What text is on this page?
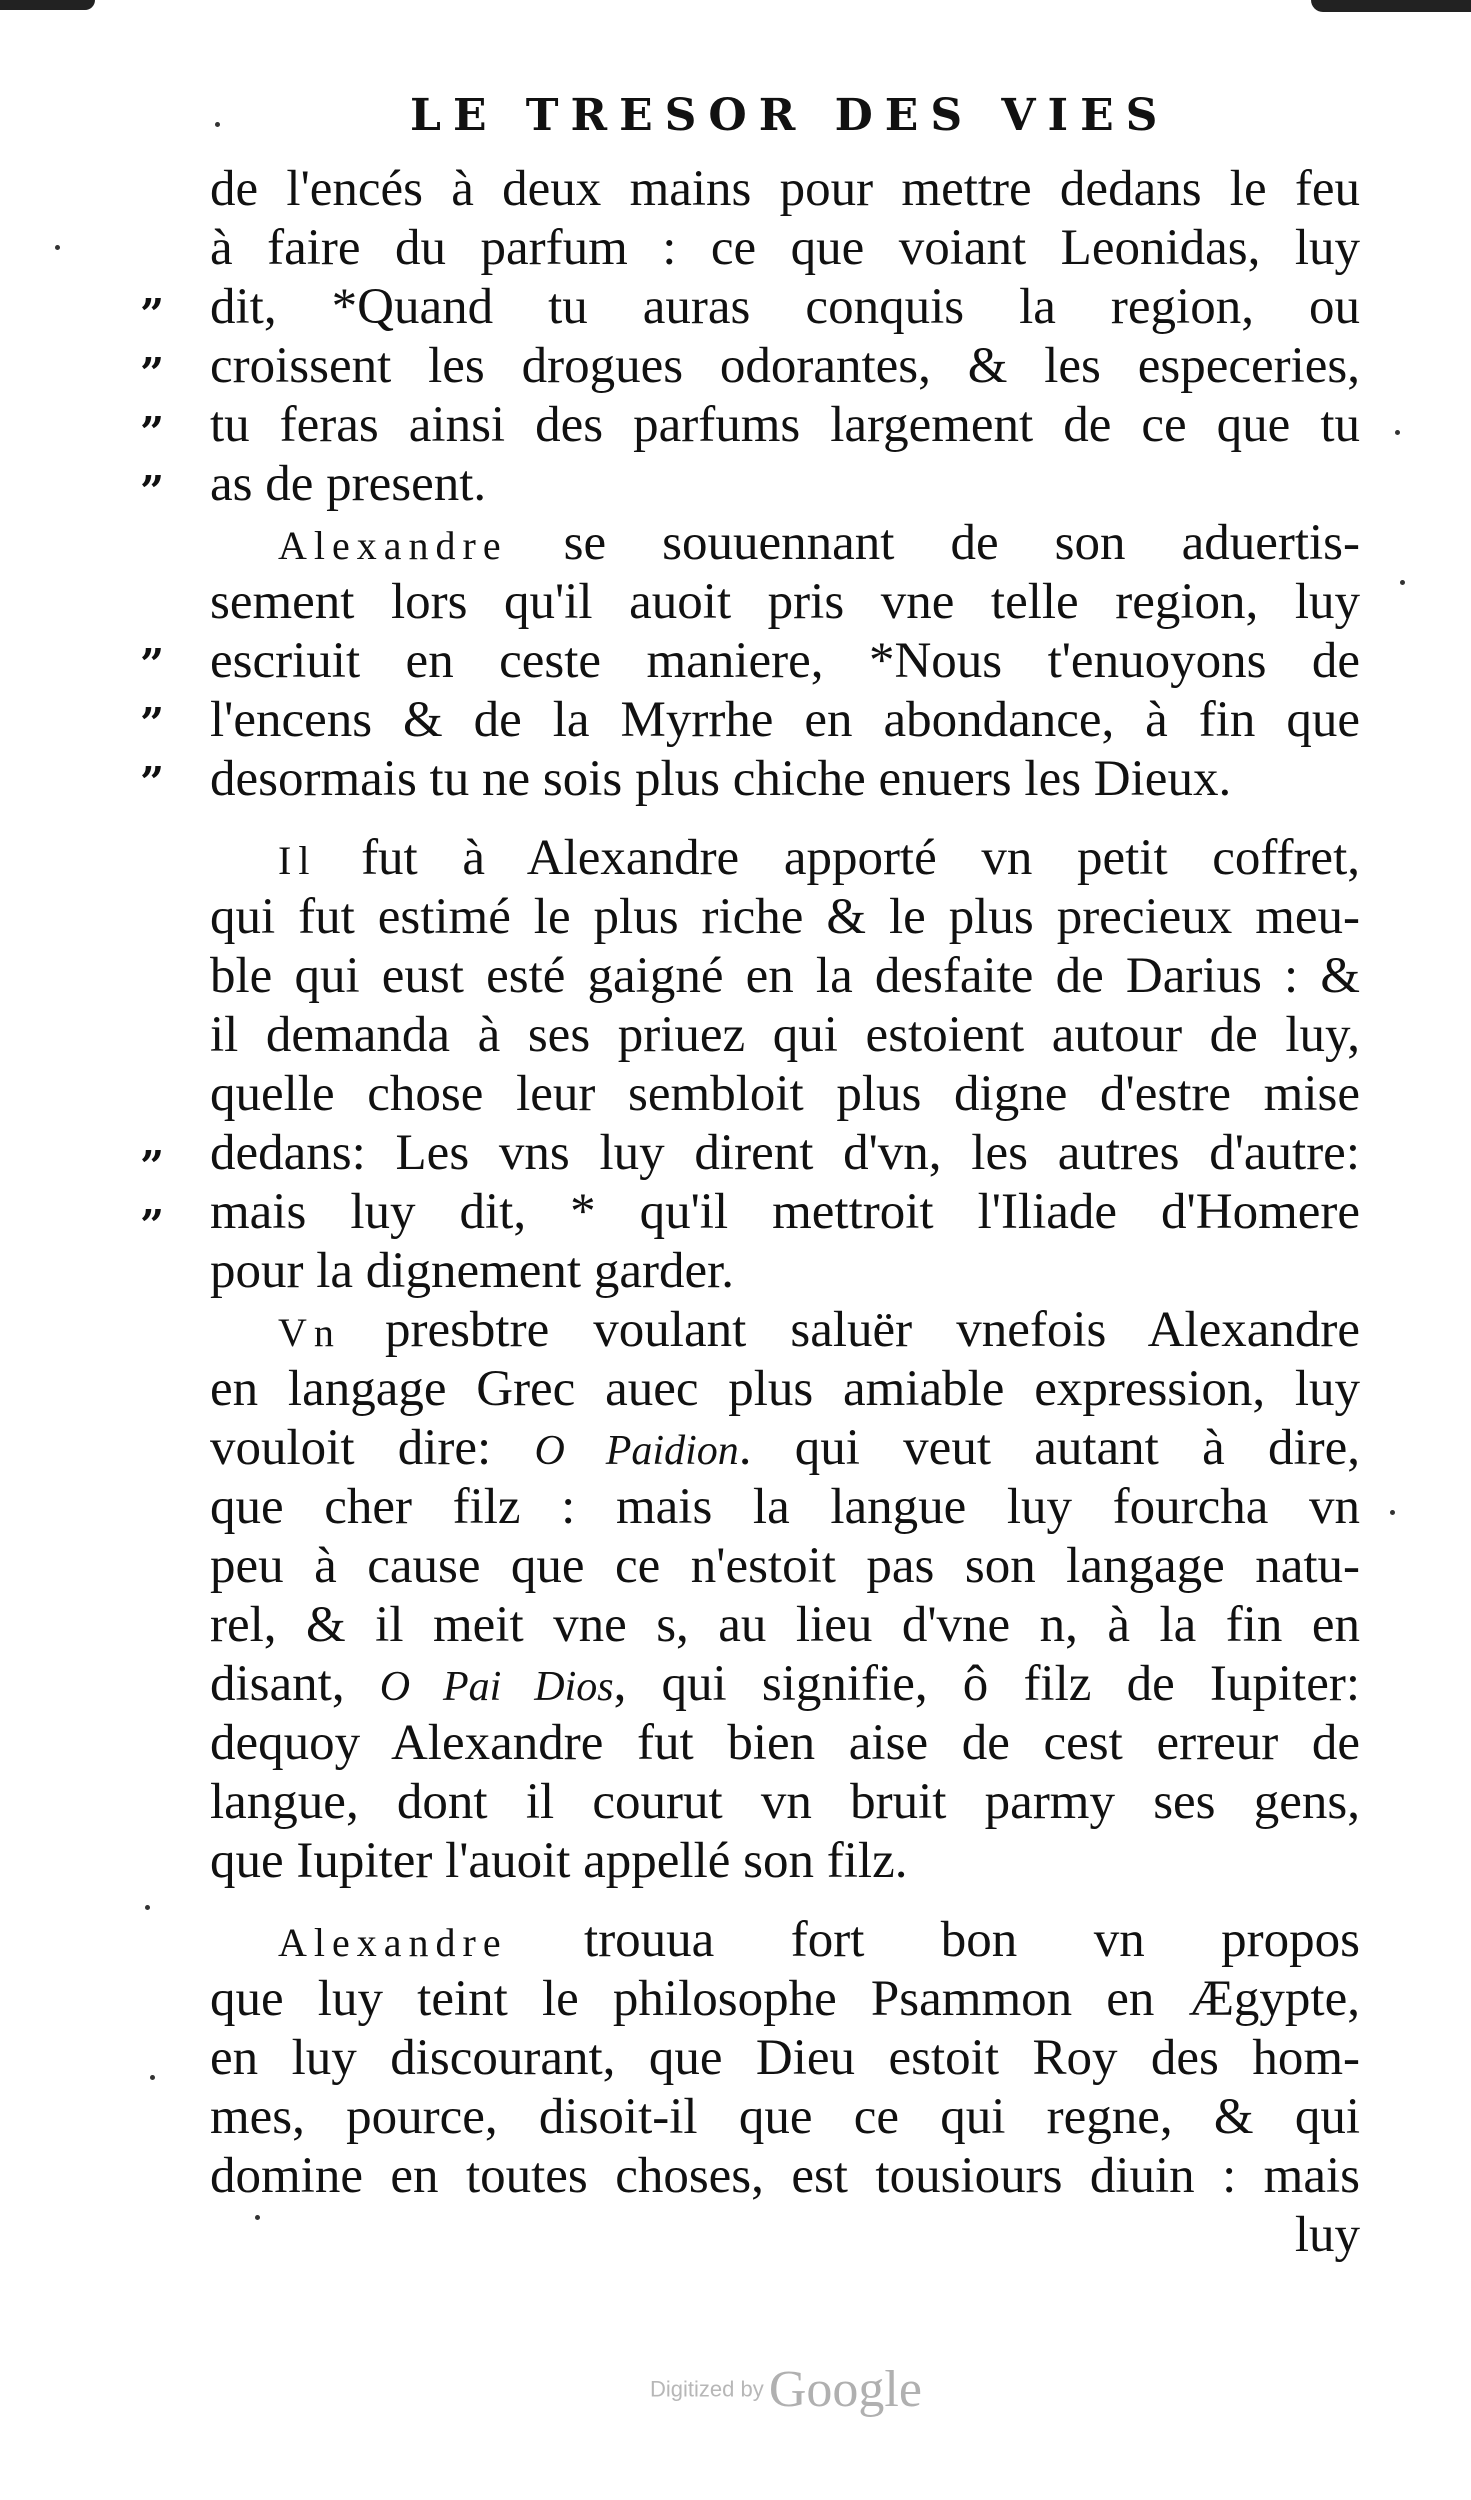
LE TRESOR DES VIES
”
”
”
”
”
”
”
”
”
de l'encés à deux mains pour mettre dedans le feu
à faire du parfum : ce que voiant Leonidas, luy
dit, *Quand tu auras conquis la region, ou
croissent les drogues odorantes, & les especeries,
tu feras ainsi des parfums largement de ce que tu
as de present.
Alexandre se souuennant de son aduertis-
sement lors qu'il auoit pris vne telle region, luy
escriuit en ceste maniere, *Nous t'enuoyons de
l'encens & de la Myrrhe en abondance, à fin que
desormais tu ne sois plus chiche enuers les Dieux.
Il fut à Alexandre apporté vn petit coffret,
qui fut estimé le plus riche & le plus precieux meu-
ble qui eust esté gaigné en la desfaite de Darius : &
il demanda à ses priuez qui estoient autour de luy,
quelle chose leur sembloit plus digne d'estre mise
dedans: Les vns luy dirent d'vn, les autres d'autre:
mais luy dit, * qu'il mettroit l'Iliade d'Homere
pour la dignement garder.
Vn presbtre voulant saluër vnefois Alexandre
en langage Grec auec plus amiable expression, luy
vouloit dire: O Paidion. qui veut autant à dire,
que cher filz : mais la langue luy fourcha vn
peu à cause que ce n'estoit pas son langage natu-
rel, & il meit vne s, au lieu d'vne n, à la fin en
disant, O Pai Dios, qui signifie, ô filz de Iupiter:
dequoy Alexandre fut bien aise de cest erreur de
langue, dont il courut vn bruit parmy ses gens,
que Iupiter l'auoit appellé son filz.
Alexandre trouua fort bon vn propos
que luy teint le philosophe Psammon en Ægypte,
en luy discourant, que Dieu estoit Roy des hom-
mes, pource, disoit-il que ce qui regne, & qui
domine en toutes choses, est tousiours diuin : mais
luy
Digitized by Google
